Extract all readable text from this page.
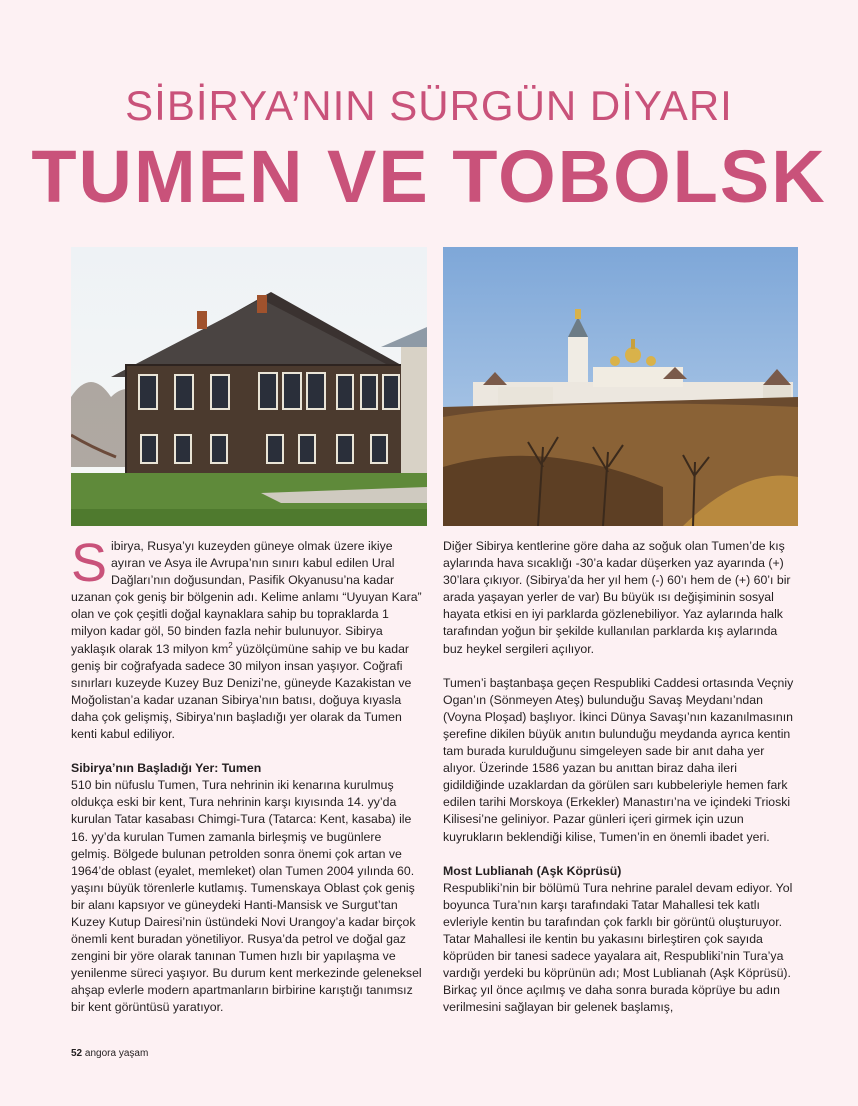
SİBİRYA’NIN SÜRGÜN DİYARI
TUMEN VE TOBOLSK

Sibirya, Rusya’yı kuzeyden güneye olmak üzere ikiye ayıran ve Asya ile Avrupa’nın sınırı kabul edilen Ural Dağları’nın doğusundan, Pasifik Okyanusu’na kadar uzanan çok geniş bir bölgenin adı. Kelime anlamı “Uyuyan Kara” olan ve çok çeşitli doğal kaynaklara sahip bu topraklarda 1 milyon kadar göl, 50 binden fazla nehir bulunuyor. Sibirya yaklaşık olarak 13 milyon $km^2$ yüzölçümüne sahip ve bu kadar geniş bir coğrafyada sadece 30 milyon insan yaşıyor. Coğrafi sınırları kuzeyde Kuzey Buz Denizi’ne, güneyde Kazakistan ve Moğolistan’a kadar uzanan Sibirya’nın batısı, doğuya kıyasla daha çok gelişmiş, Sibirya’nın başladığı yer olarak da Tumen kenti kabul ediliyor.

Sibirya’nın Başladığı Yer: Tumen

510 bin nüfuslu Tumen, Tura nehrinin iki kenarına kurulmuş oldukça eski bir kent, Tura nehrinin karşı kıyısında 14. yy’da kurulan Tatar kasabası Chimgi-Tura (Tatarca: Kent, kasaba) ile 16. yy’da kurulan Tumen zamanla birleşmiş ve bugünlere gelmiş. Bölgede bulunan petrolden sonra önemi çok artan ve 1964’de oblast (eyalet, memleket) olan Tumen 2004 yılında 60. yaşını büyük törenlerle kutlamış. Tumenskaya Oblast çok geniş bir alanı kapsıyor ve güneydeki Hanti-Mansisk ve Surgut’tan Kuzey Kutup Dairesi’nin üstündeki Novi Urangoy’a kadar birçok önemli kent buradan yönetiliyor. Rusya’da petrol ve doğal gaz zengini bir yöre olarak tanınan Tumen hızlı bir yapılaşma ve yenilenme süreci yaşıyor. Bu durum kent merkezinde geleneksel ahşap evlerle modern apartmanların birbirine karıştığı tanımsız bir kent görüntüsü yaratıyor.

Diğer Sibirya kentlerine göre daha az soğuk olan Tumen’de kış aylarında hava sıcaklığı -30’a kadar düşerken yaz ayarında (+) 30’lara çıkıyor. (Sibirya’da her yıl hem (-) 60’ı hem de (+) 60’ı bir arada yaşayan yerler de var) Bu büyük ısı değişiminin sosyal hayata etkisi en iyi parklarda gözlenebiliyor. Yaz aylarında halk tarafından yoğun bir şekilde kullanılan parklarda kış aylarında buz heykel sergileri açılıyor.

Tumen’i baştanbaşa geçen Respubliki Caddesi ortasında Veçniy Ogan’ın (Sönmeyen Ateş) bulunduğu Savaş Meydanı’ndan (Voyna Ploşad) başlıyor. İkinci Dünya Savaşı’nın kazanılmasının şerefine dikilen büyük anıtın bulunduğu meydanda ayrıca kentin tam burada kurulduğunu simgeleyen sade bir anıt daha yer alıyor. Üzerinde 1586 yazan bu anıttan biraz daha ileri gidildiğinde uzaklardan da görülen sarı kubbeleriyle hemen fark edilen tarihi Morskoya (Erkekler) Manastırı’na ve içindeki Trioski Kilisesi’ne geliniyor. Pazar günleri içeri girmek için uzun kuyrukların beklendiği kilise, Tumen’in en önemli ibadet yeri.

Most Lublianah (Aşk Köprüsü)

Respubliki’nin bir bölümü Tura nehrine paralel devam ediyor. Yol boyunca Tura’nın karşı tarafındaki Tatar Mahallesi tek katlı evleriyle kentin bu tarafından çok farklı bir görüntü oluşturuyor. Tatar Mahallesi ile kentin bu yakasını birleştiren çok sayıda köprüden bir tanesi sadece yayalara ait, Respubliki’nin Tura’ya vardığı yerdeki bu köprünün adı; Most Lublianah (Aşk Köprüsü). Birkaç yıl önce açılmış ve daha sonra burada köprüye bu adın verilmesini sağlayan bir gelenek başlamış,

52 angora yaşam
